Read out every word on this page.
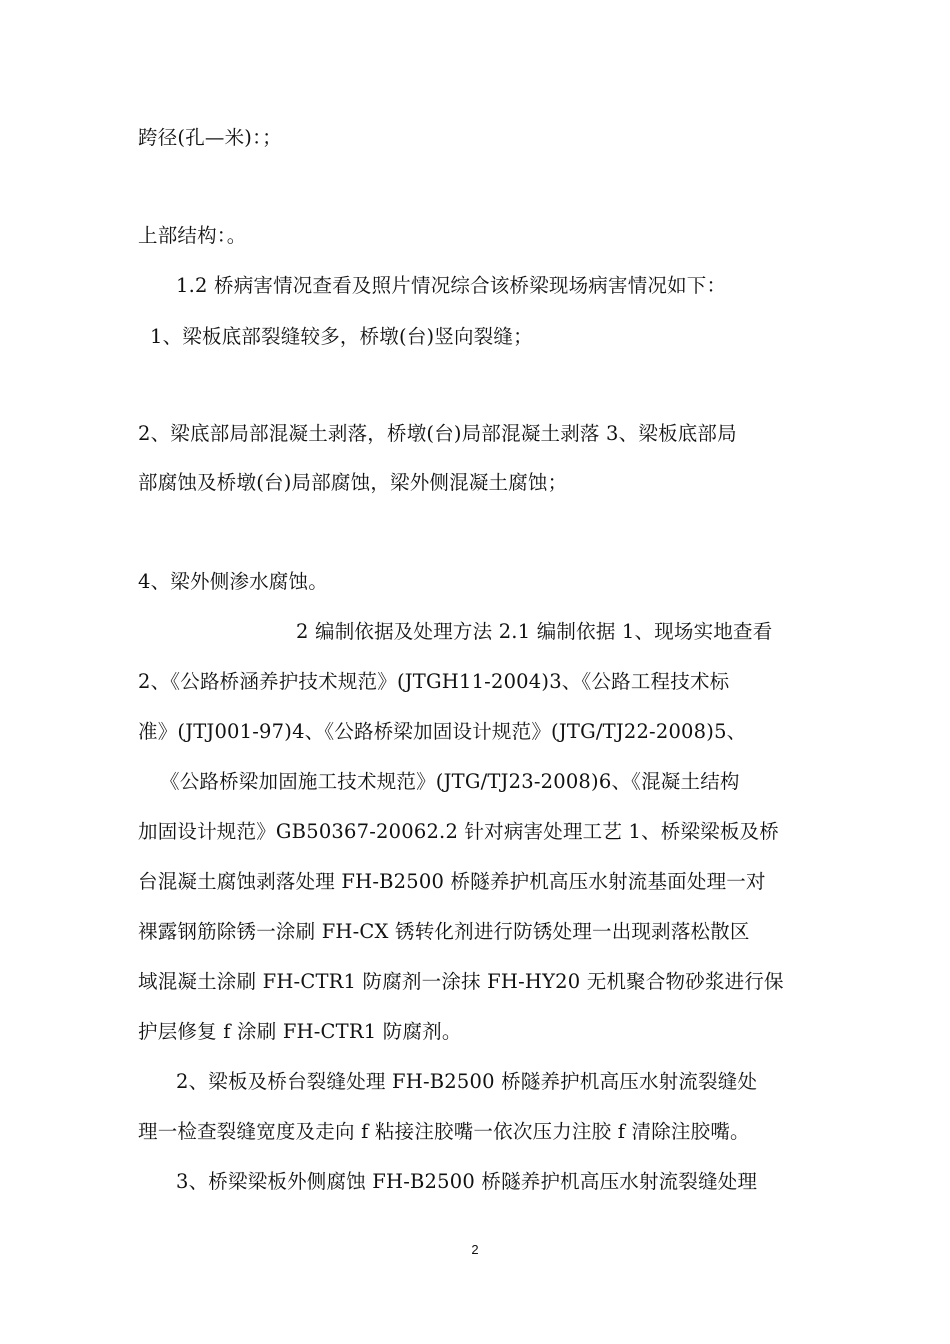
跨径(孔—米)：；
上部结构：。
1.2 桥病害情况查看及照片情况综合该桥梁现场病害情况如下：
1、梁板底部裂缝较多，桥墩(台)竖向裂缝；
2、梁底部局部混凝土剥落，桥墩(台)局部混凝土剥落 3、梁板底部局
部腐蚀及桥墩(台)局部腐蚀，梁外侧混凝土腐蚀；
4、梁外侧渗水腐蚀。
2 编制依据及处理方法 2.1 编制依据 1、现场实地查看
2、《公路桥涵养护技术规范》(JTGH11-2004)3、《公路工程技术标
准》(JTJ001-97)4、《公路桥梁加固设计规范》(JTG/TJ22-2008)5、
《公路桥梁加固施工技术规范》(JTG/TJ23-2008)6、《混凝土结构
加固设计规范》GB50367-20062.2 针对病害处理工艺 1、桥梁梁板及桥
台混凝土腐蚀剥落处理 FH-B2500 桥隧养护机高压水射流基面处理一对
裸露钢筋除锈一涂刷 FH-CX 锈转化剂进行防锈处理一出现剥落松散区
域混凝土涂刷 FH-CTR1 防腐剂一涂抹 FH-HY20 无机聚合物砂浆进行保
护层修复 f 涂刷 FH-CTR1 防腐剂。
2、梁板及桥台裂缝处理 FH-B2500 桥隧养护机高压水射流裂缝处
理一检查裂缝宽度及走向 f 粘接注胶嘴一依次压力注胶 f 清除注胶嘴。
3、桥梁梁板外侧腐蚀 FH-B2500 桥隧养护机高压水射流裂缝处理
2
